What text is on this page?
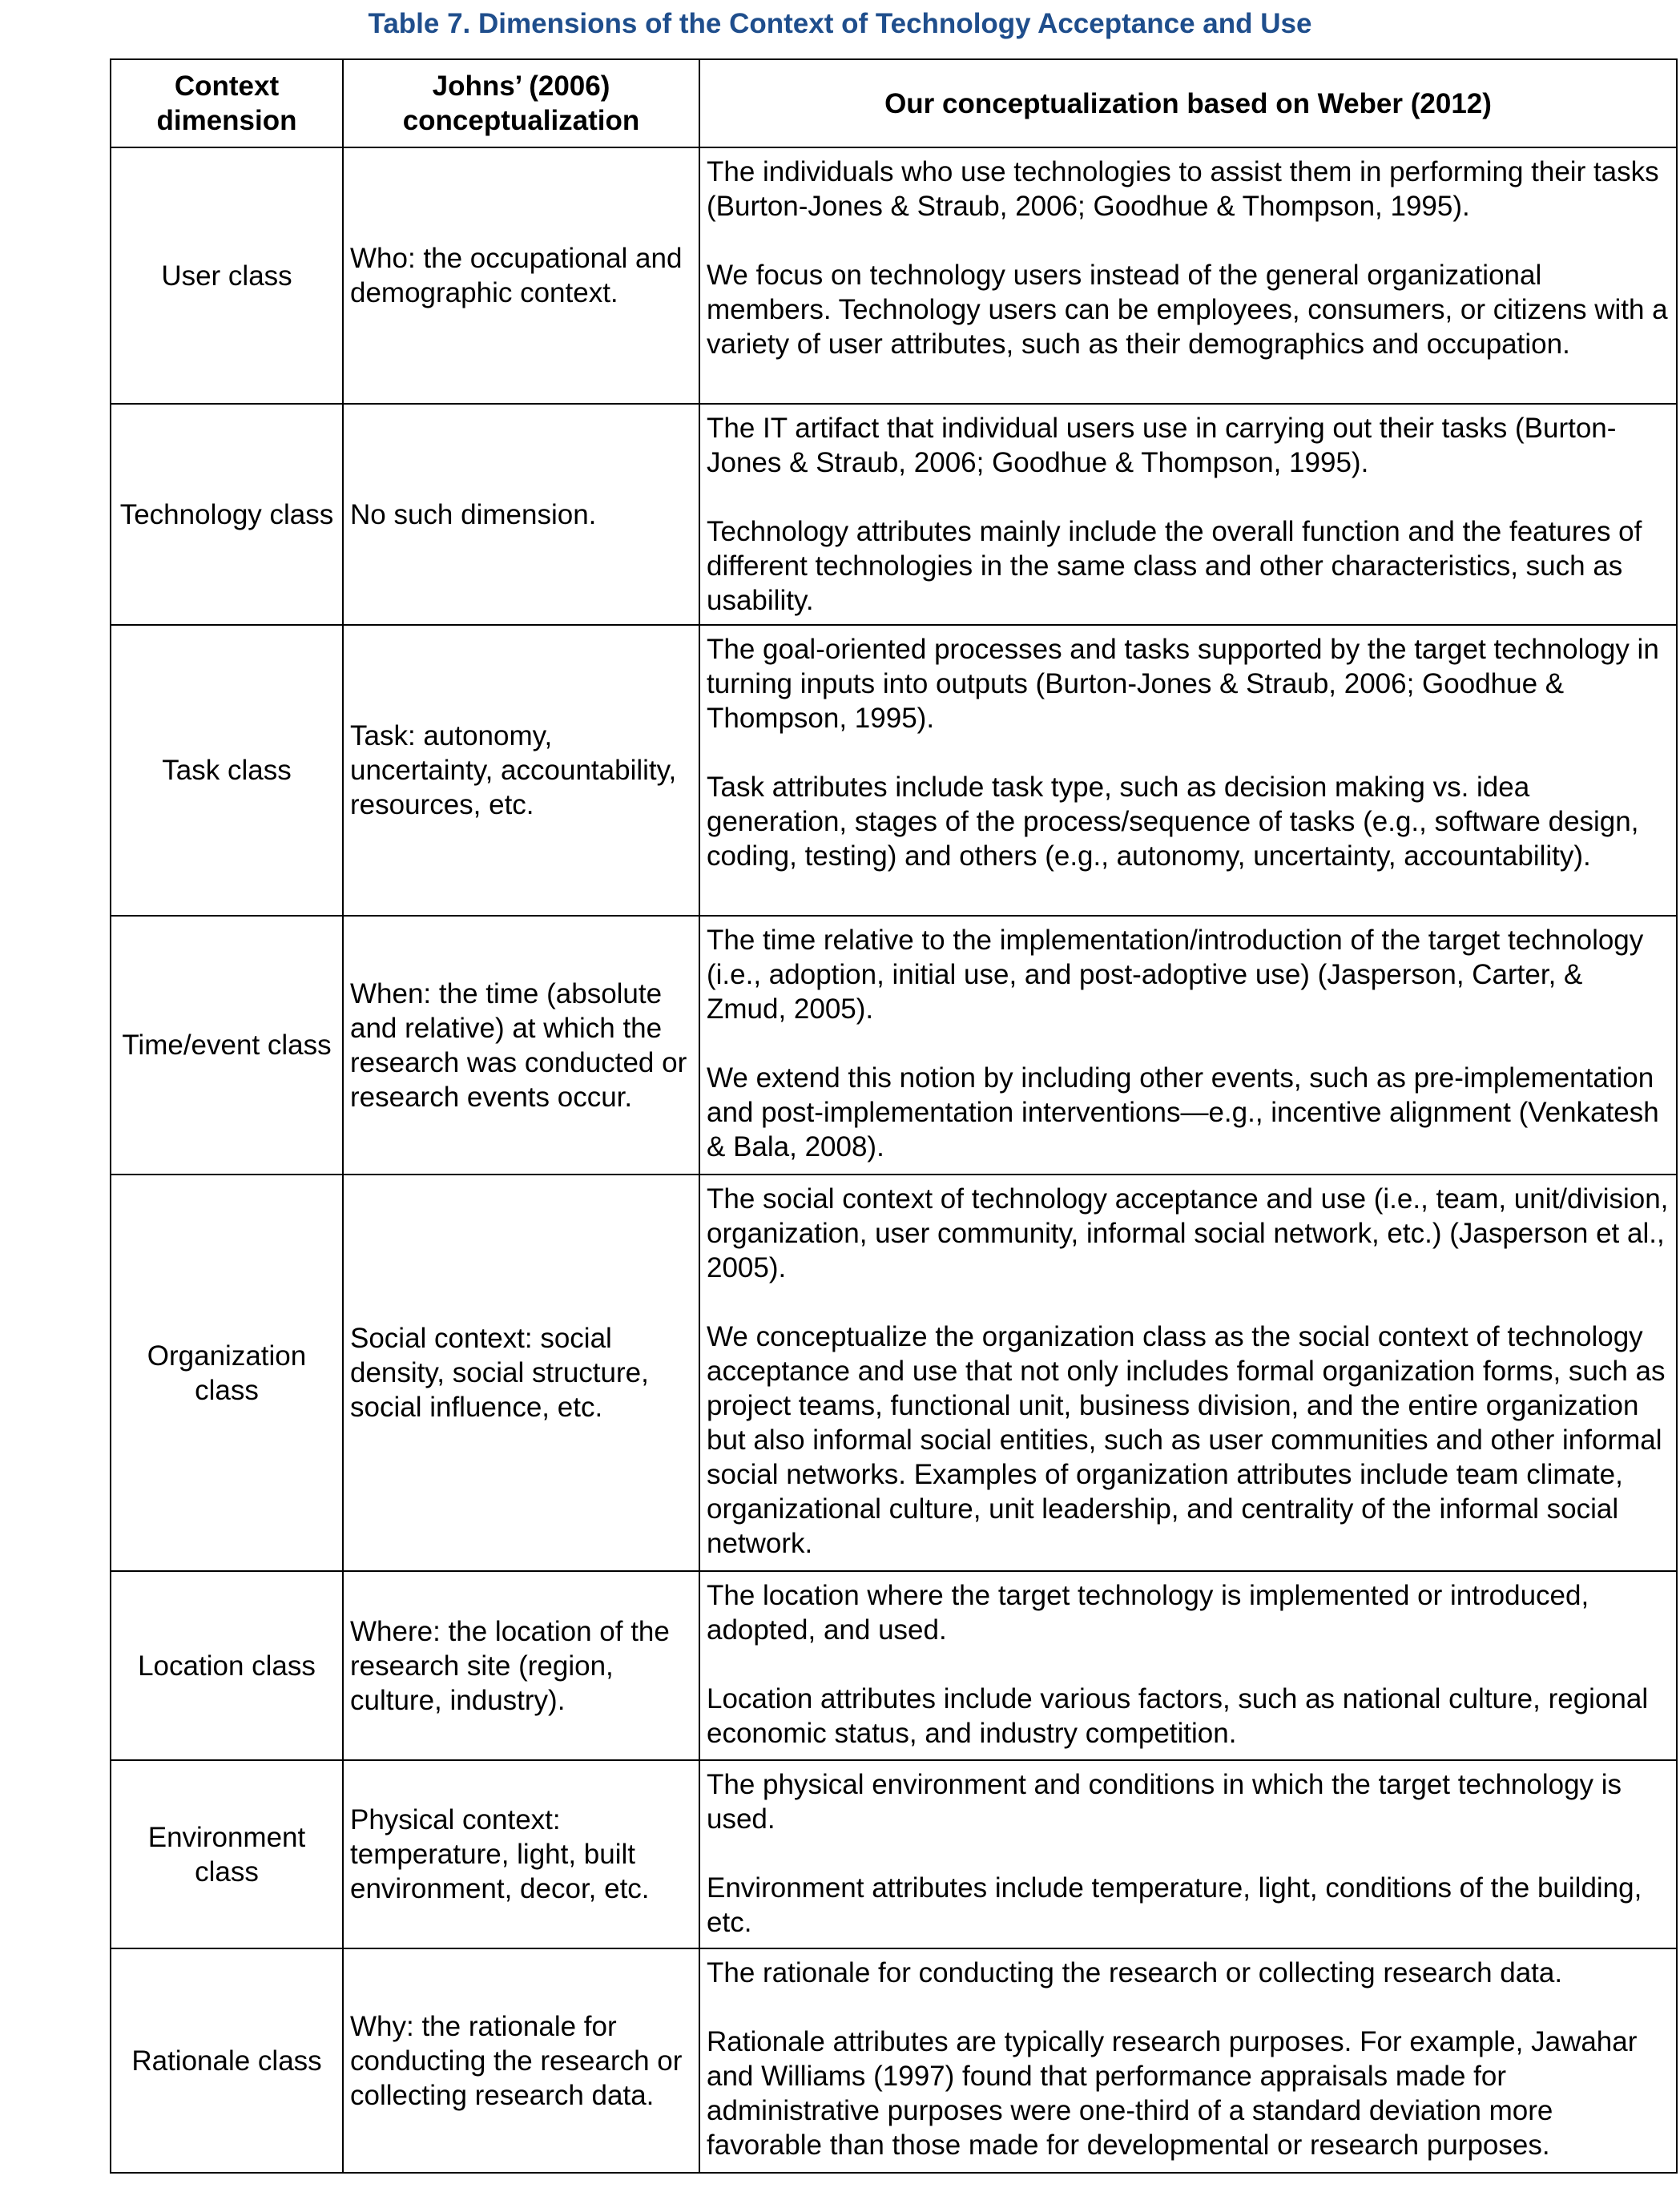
Table 7. Dimensions of the Context of Technology Acceptance and Use
Context dimension	Johns’ (2006) conceptualization	Our conceptualization based on Weber (2012)
User class	Who: the occupational and demographic context.	The individuals who use technologies to assist them in performing their tasks (Burton-Jones & Straub, 2006; Goodhue & Thompson, 1995).

We focus on technology users instead of the general organizational members. Technology users can be employees, consumers, or citizens with a variety of user attributes, such as their demographics and occupation.

Technology class	No such dimension.	The IT artifact that individual users use in carrying out their tasks (Burton-Jones & Straub, 2006; Goodhue & Thompson, 1995).

Technology attributes mainly include the overall function and the features of different technologies in the same class and other characteristics, such as usability.

Task class	Task: autonomy, uncertainty, accountability, resources, etc.	The goal-oriented processes and tasks supported by the target technology in turning inputs into outputs (Burton-Jones & Straub, 2006; Goodhue & Thompson, 1995).

Task attributes include task type, such as decision making vs. idea generation, stages of the process/sequence of tasks (e.g., software design, coding, testing) and others (e.g., autonomy, uncertainty, accountability).

Time/event class	When: the time (absolute and relative) at which the research was conducted or research events occur.	The time relative to the implementation/introduction of the target technology (i.e., adoption, initial use, and post-adoptive use) (Jasperson, Carter, & Zmud, 2005).

We extend this notion by including other events, such as pre-implementation and post-implementation interventions—e.g., incentive alignment (Venkatesh & Bala, 2008).

Organization class	Social context: social density, social structure, social influence, etc.	The social context of technology acceptance and use (i.e., team, unit/division, organization, user community, informal social network, etc.) (Jasperson et al., 2005).

We conceptualize the organization class as the social context of technology acceptance and use that not only includes formal organization forms, such as project teams, functional unit, business division, and the entire organization but also informal social entities, such as user communities and other informal social networks. Examples of organization attributes include team climate, organizational culture, unit leadership, and centrality of the informal social network.

Location class	Where: the location of the research site (region, culture, industry).	The location where the target technology is implemented or introduced, adopted, and used.

Location attributes include various factors, such as national culture, regional economic status, and industry competition.

Environment class	Physical context: temperature, light, built environment, decor, etc.	The physical environment and conditions in which the target technology is used.

Environment attributes include temperature, light, conditions of the building, etc.

Rationale class	Why: the rationale for conducting the research or collecting research data.	The rationale for conducting the research or collecting research data.

Rationale attributes are typically research purposes. For example, Jawahar and Williams (1997) found that performance appraisals made for administrative purposes were one-third of a standard deviation more favorable than those made for developmental or research purposes.
